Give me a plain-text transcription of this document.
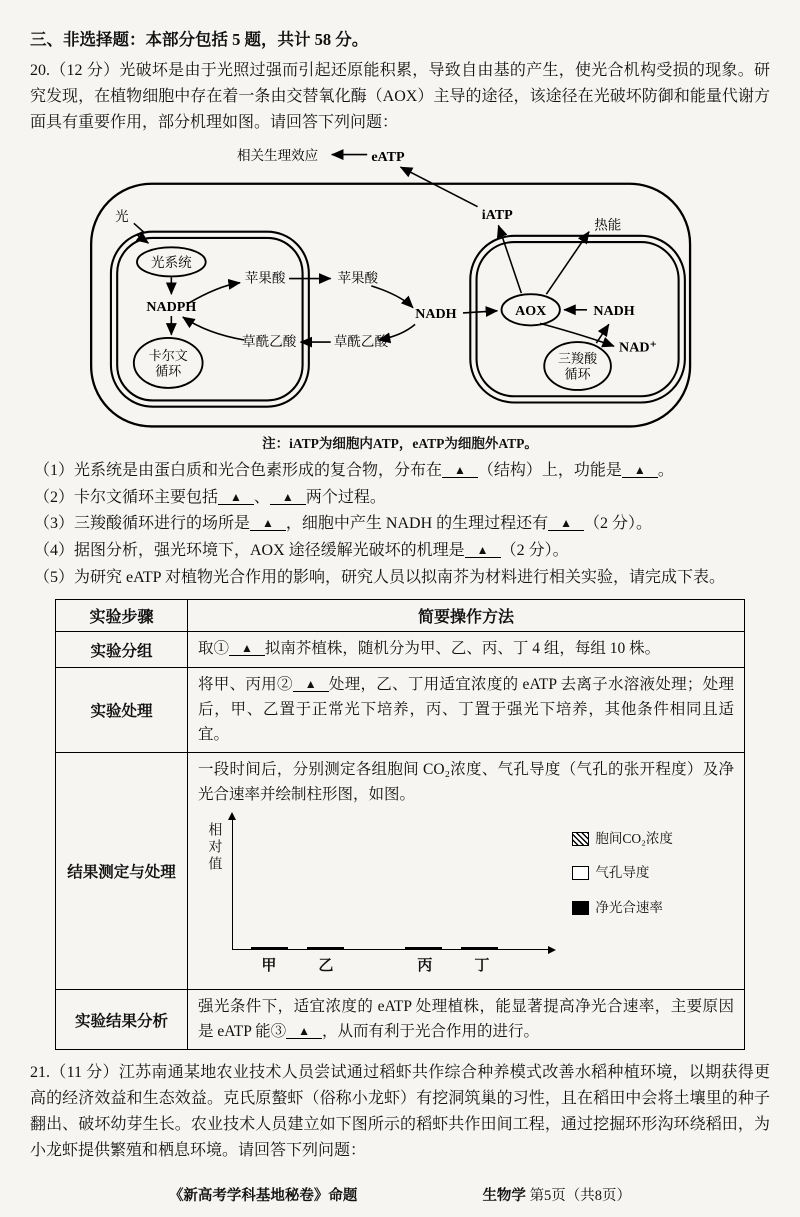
三、非选择题：本部分包括 5 题，共计 58 分。

20.（12 分）光破坏是由于光照过强而引起还原能积累，导致自由基的产生，使光合机构受损的现象。研究发现，在植物细胞中存在着一条由交替氧化酶（AOX）主导的途径，该途径在光破坏防御和能量代谢方面具有重要作用，部分机理如图。请回答下列问题：

相关生理效应	eATP
iATP
热能
光
光系统
NADPH
卡尔文
循环
苹果酸	苹果酸
草酰乙酸	草酰乙酸
NADH	AOX	NADH
NAD⁺
三羧酸
循环
注：iATP为细胞内ATP，eATP为细胞外ATP。
（1）光系统是由蛋白质和光合色素形成的复合物，分布在 ▲ （结构）上，功能是 ▲ 。
（2）卡尔文循环主要包括 ▲ 、 ▲ 两个过程。
（3）三羧酸循环进行的场所是 ▲ ，细胞中产生 NADH 的生理过程还有 ▲ （2 分）。
（4）据图分析，强光环境下，AOX 途径缓解光破坏的机理是 ▲ （2 分）。
（5）为研究 eATP 对植物光合作用的影响，研究人员以拟南芥为材料进行相关实验，请完成下表。
实验步骤	简要操作方法
实验分组	取① ▲ 拟南芥植株，随机分为甲、乙、丙、丁 4 组，每组 10 株。
实验处理	将甲、丙用② ▲ 处理，乙、丁用适宜浓度的 eATP 去离子水溶液处理；处理后，甲、乙置于正常光下培养，丙、丁置于强光下培养，其他条件相同且适宜。
结果测定与处理	
一段时间后，分别测定各组胞间 CO₂浓度、气孔导度（气孔的张开程度）及净光合速率并绘制柱形图，如图。
相对值
甲	乙	丙	丁
胞间CO₂浓度
气孔导度
净光合速率

实验结果分析	强光条件下，适宜浓度的 eATP 处理植株，能显著提高净光合速率，主要原因是 eATP 能③ ▲ ，从而有利于光合作用的进行。

21.（11 分）江苏南通某地农业技术人员尝试通过稻虾共作综合种养模式改善水稻种植环境，以期获得更高的经济效益和生态效益。克氏原螯虾（俗称小龙虾）有挖洞筑巢的习性，且在稻田中会将土壤里的种子翻出、破坏幼芽生长。农业技术人员建立如下图所示的稻虾共作田间工程，通过挖掘环形沟环绕稻田，为小龙虾提供繁殖和栖息环境。请回答下列问题：

《新高考学科基地秘卷》命题	生物学 第5页（共8页）
